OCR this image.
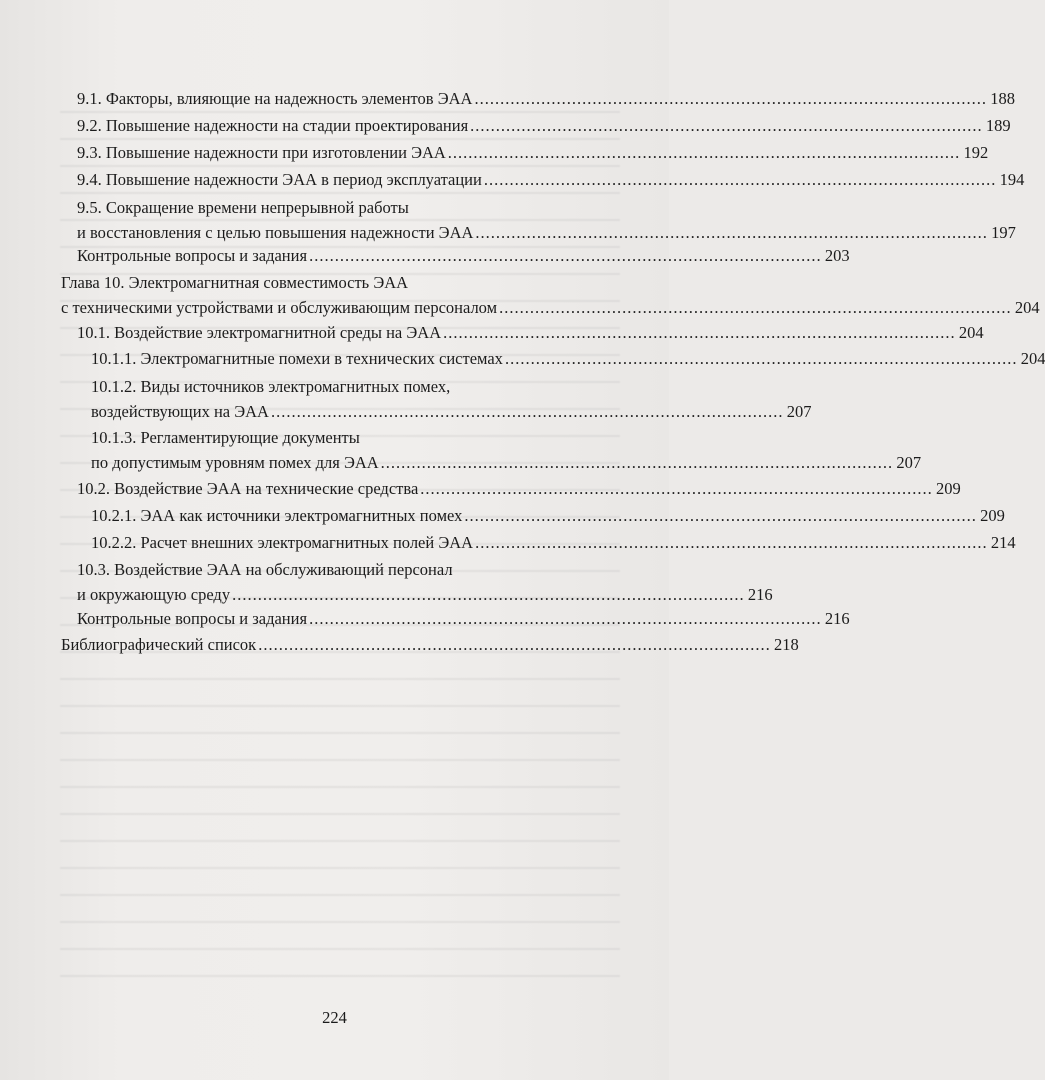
9.1. Факторы, влияющие на надежность элементов ЭАА .................................................................................................... 188
9.2. Повышение надежности на стадии проектирования .................................................................................................... 189
9.3. Повышение надежности при изготовлении ЭАА .................................................................................................... 192
9.4. Повышение надежности ЭАА в период эксплуатации .................................................................................................... 194
9.5. Сокращение времени непрерывной работы
и восстановления с целью повышения надежности ЭАА .................................................................................................... 197
Контрольные вопросы и задания .................................................................................................... 203
Глава 10. Электромагнитная совместимость ЭАА
с техническими устройствами и обслуживающим персоналом .................................................................................................... 204
10.1. Воздействие электромагнитной среды на ЭАА .................................................................................................... 204
10.1.1. Электромагнитные помехи в технических системах .................................................................................................... 204
10.1.2. Виды источников электромагнитных помех,
воздействующих на ЭАА .................................................................................................... 207
10.1.3. Регламентирующие документы
по допустимым уровням помех для ЭАА .................................................................................................... 207
10.2. Воздействие ЭАА на технические средства .................................................................................................... 209
10.2.1. ЭАА как источники электромагнитных помех .................................................................................................... 209
10.2.2. Расчет внешних электромагнитных полей ЭАА .................................................................................................... 214
10.3. Воздействие ЭАА на обслуживающий персонал
и окружающую среду .................................................................................................... 216
Контрольные вопросы и задания .................................................................................................... 216
Библиографический список .................................................................................................... 218
224
